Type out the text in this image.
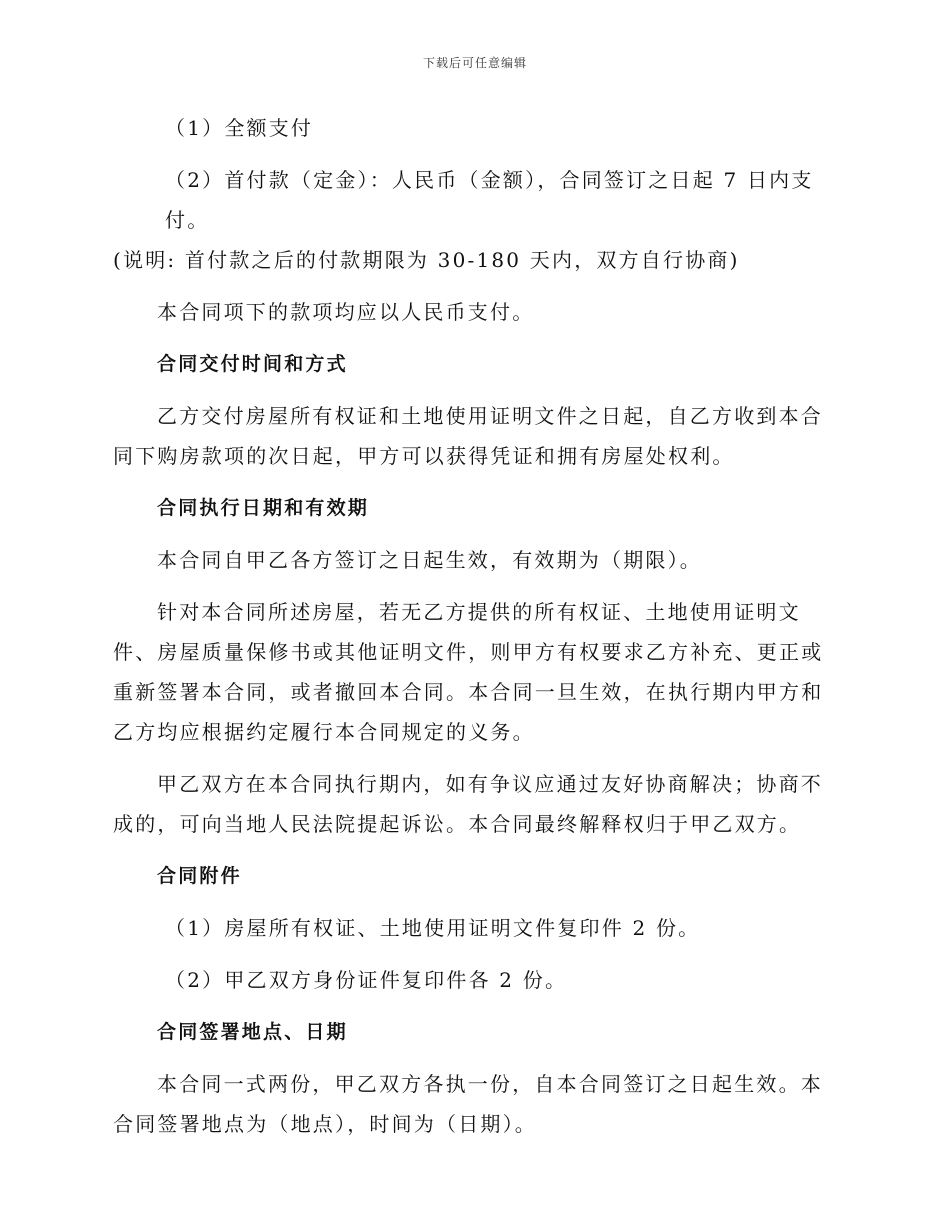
下载后可任意编辑

（1）全额支付

（2）首付款（定金）：人民币（金额），合同签订之日起 7 日内支付。

(说明: 首付款之后的付款期限为 30-180 天内，双方自行协商)

本合同项下的款项均应以人民币支付。

合同交付时间和方式

乙方交付房屋所有权证和土地使用证明文件之日起，自乙方收到本合同下购房款项的次日起，甲方可以获得凭证和拥有房屋处权利。

合同执行日期和有效期

本合同自甲乙各方签订之日起生效，有效期为（期限）。

针对本合同所述房屋，若无乙方提供的所有权证、土地使用证明文件、房屋质量保修书或其他证明文件，则甲方有权要求乙方补充、更正或重新签署本合同，或者撤回本合同。本合同一旦生效，在执行期内甲方和乙方均应根据约定履行本合同规定的义务。

甲乙双方在本合同执行期内，如有争议应通过友好协商解决；协商不成的，可向当地人民法院提起诉讼。本合同最终解释权归于甲乙双方。

合同附件

（1）房屋所有权证、土地使用证明文件复印件 2 份。

（2）甲乙双方身份证件复印件各 2 份。

合同签署地点、日期

本合同一式两份，甲乙双方各执一份，自本合同签订之日起生效。本合同签署地点为（地点），时间为（日期）。
